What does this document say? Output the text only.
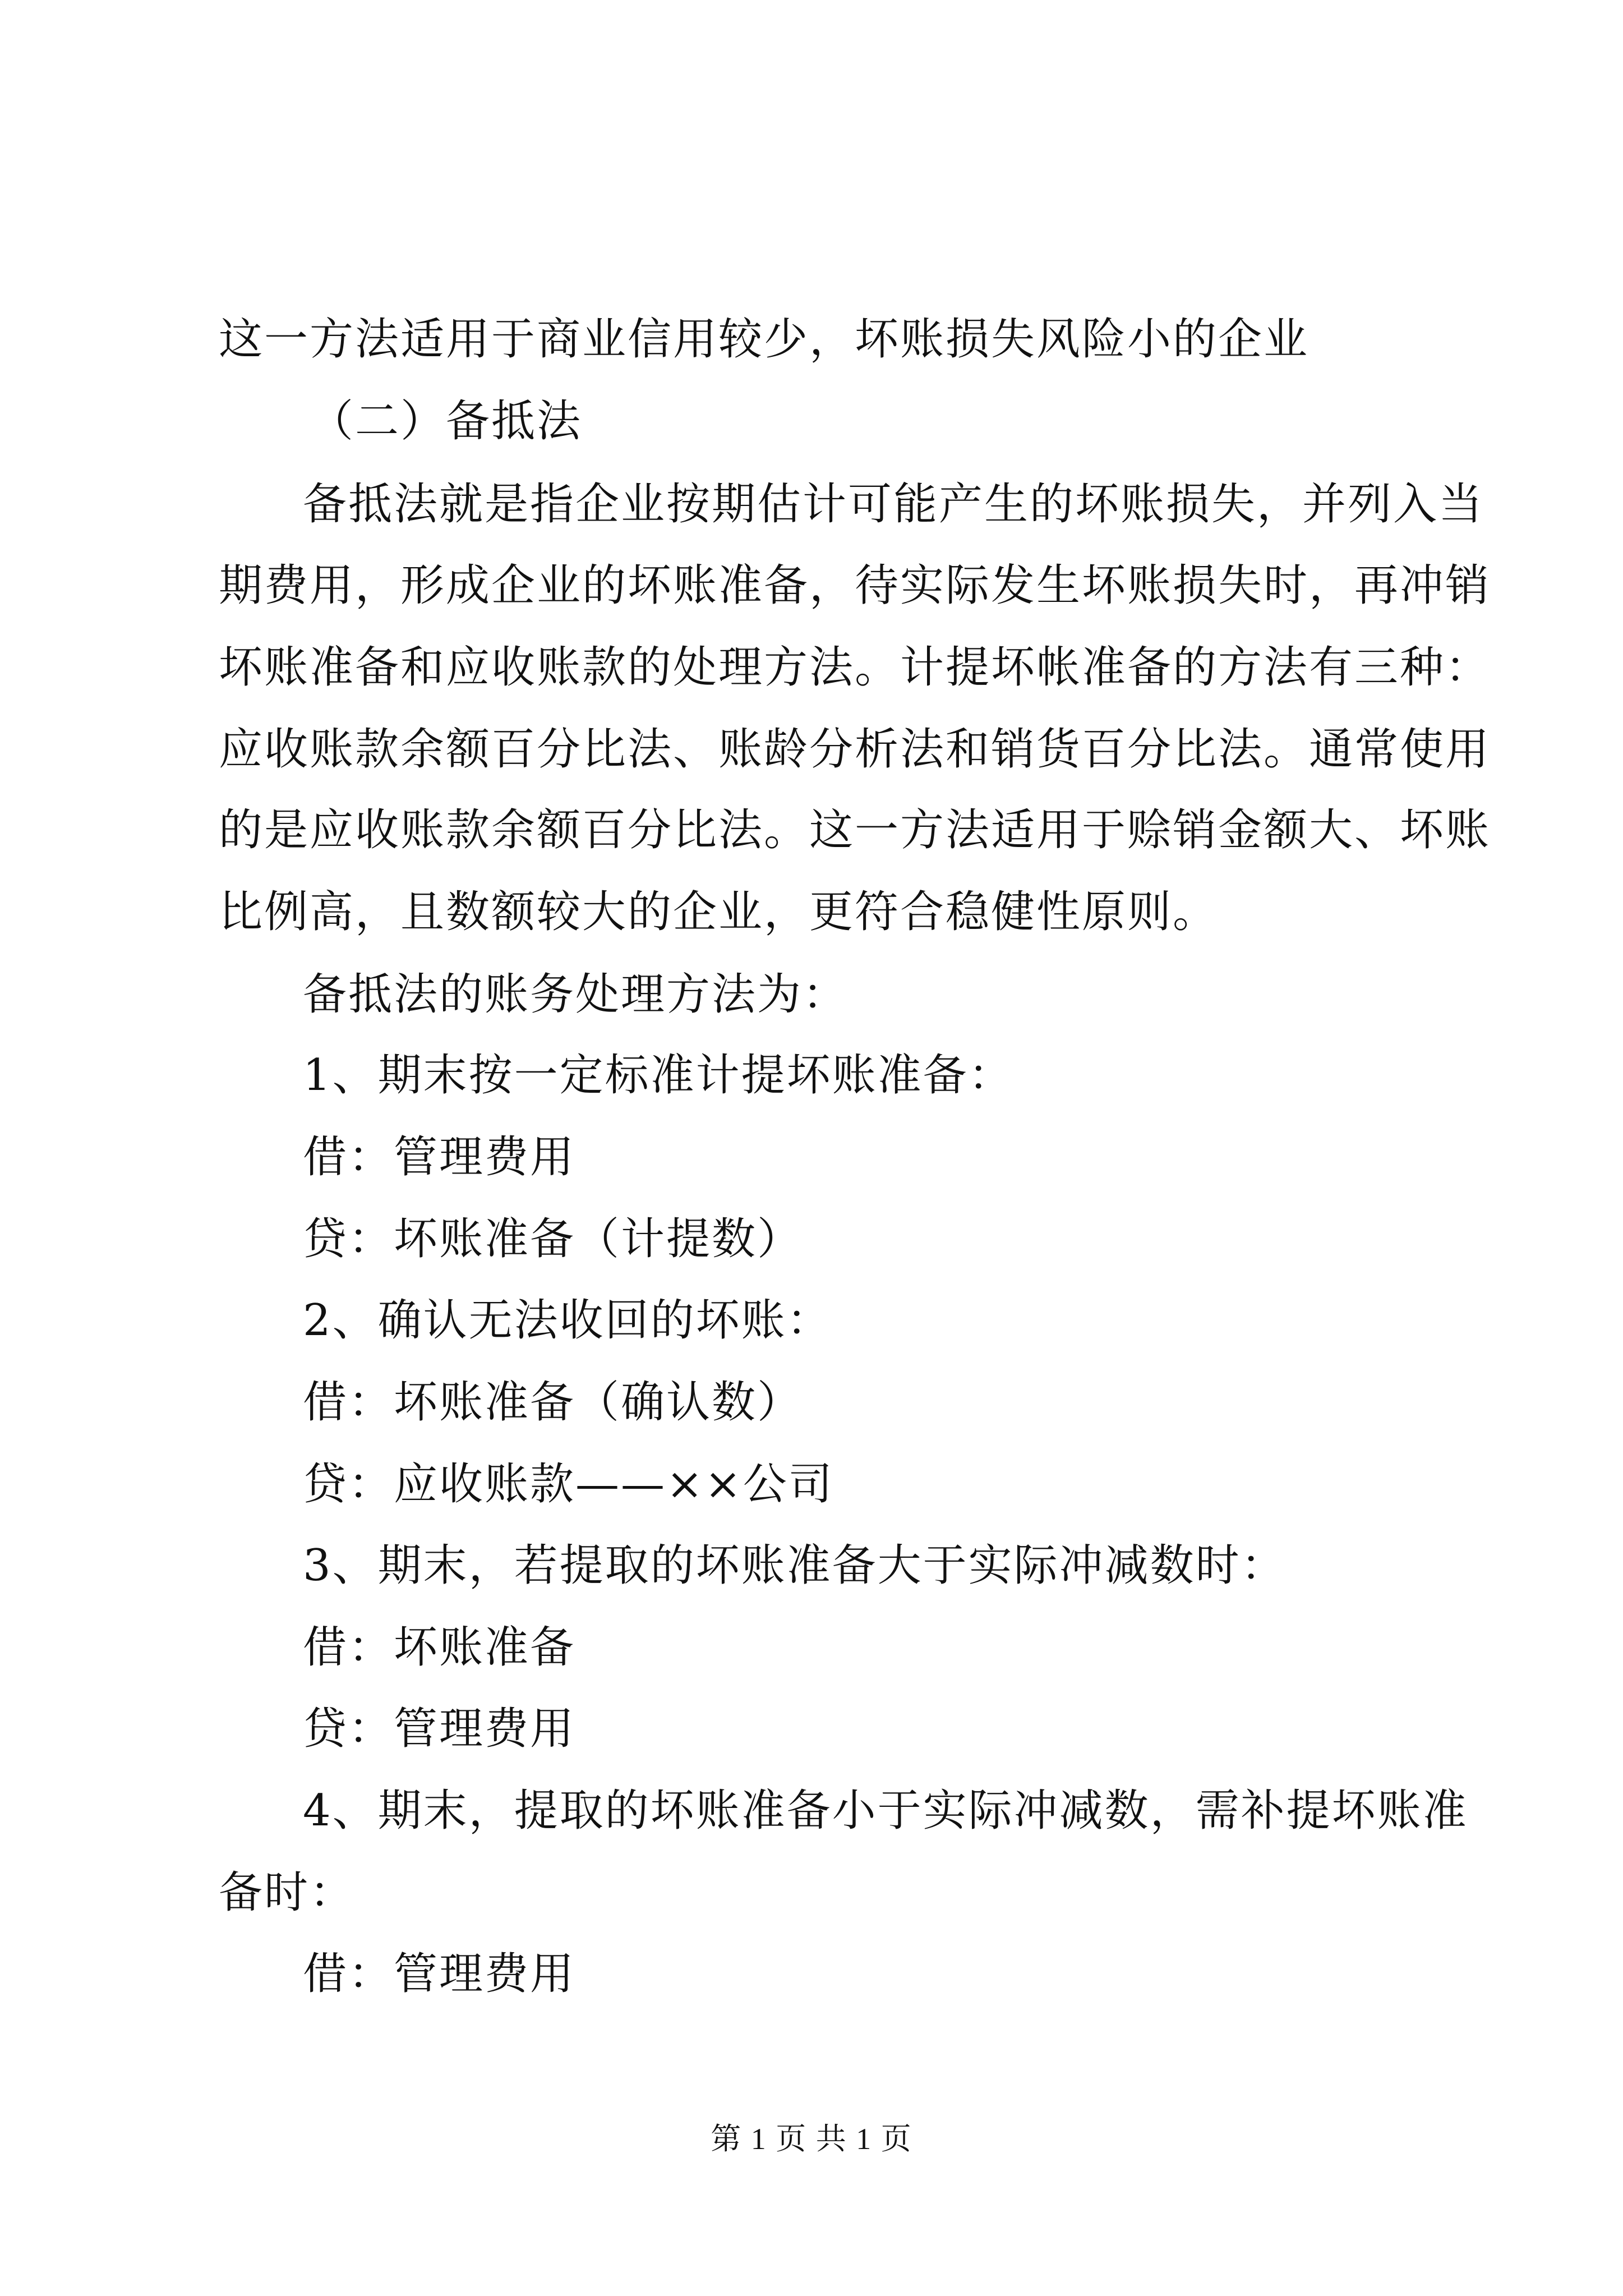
这一方法适用于商业信用较少，坏账损失风险小的企业
（二）备抵法
备抵法就是指企业按期估计可能产生的坏账损失，并列入当
期费用，形成企业的坏账准备，待实际发生坏账损失时，再冲销
坏账准备和应收账款的处理方法。计提坏帐准备的方法有三种：
应收账款余额百分比法、账龄分析法和销货百分比法。通常使用
的是应收账款余额百分比法。这一方法适用于赊销金额大、坏账
比例高，且数额较大的企业，更符合稳健性原则。
备抵法的账务处理方法为：
1、期末按一定标准计提坏账准备：
借：管理费用
贷：坏账准备（计提数）
2、确认无法收回的坏账：
借：坏账准备（确认数）
贷：应收账款——××公司
3、期末，若提取的坏账准备大于实际冲减数时：
借：坏账准备
贷：管理费用
4、期末，提取的坏账准备小于实际冲减数，需补提坏账准
备时：
借：管理费用
第 1 页 共 1 页
